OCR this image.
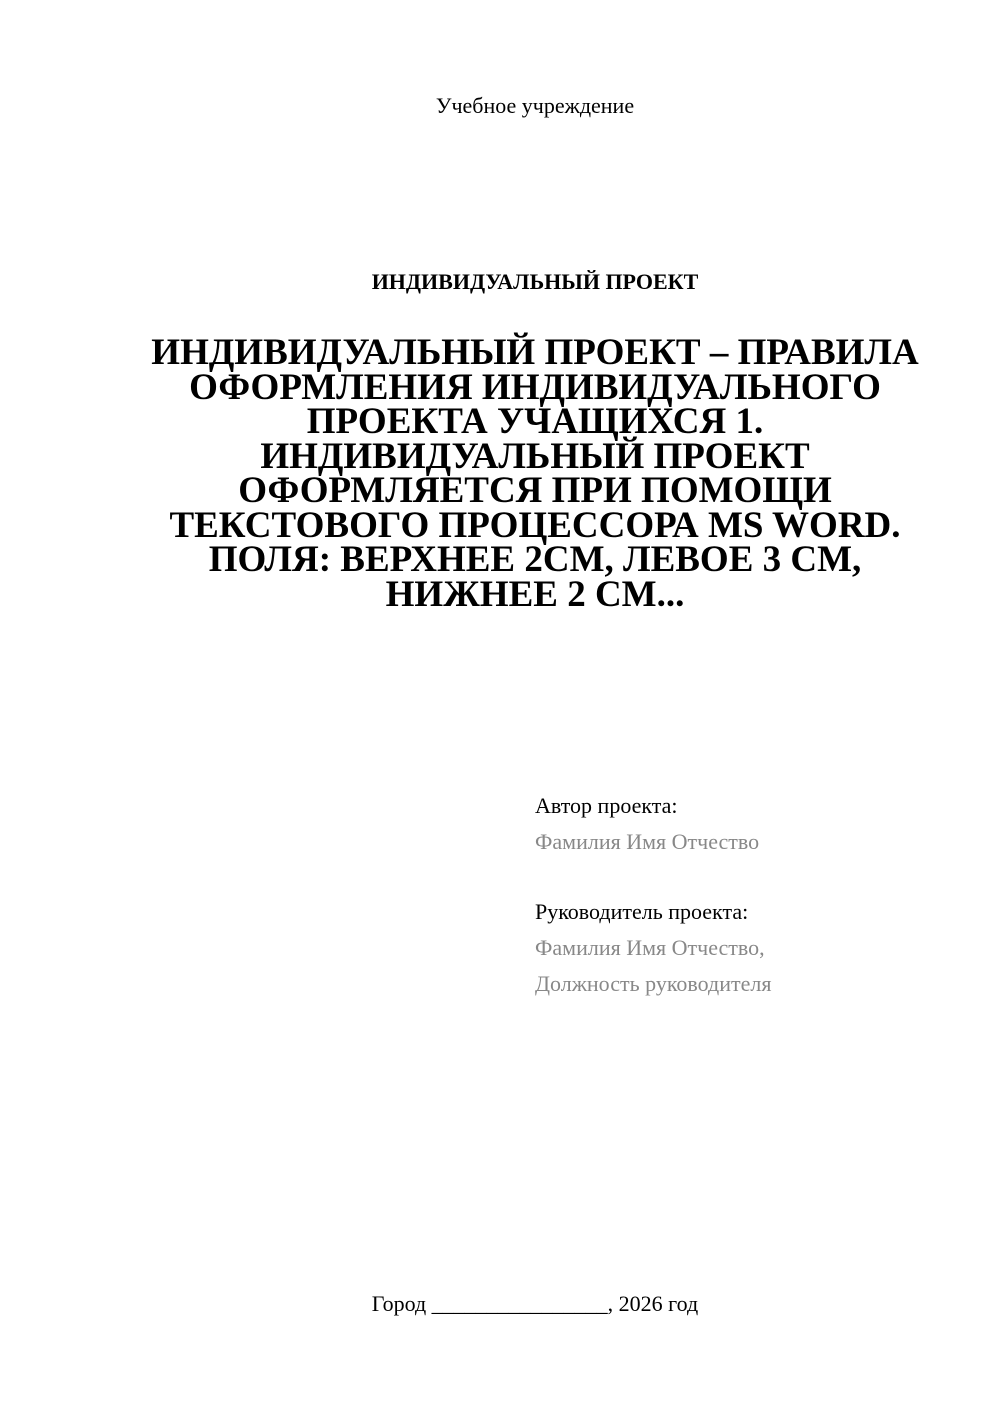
Учебное учреждение
ИНДИВИДУАЛЬНЫЙ ПРОЕКТ
ИНДИВИДУАЛЬНЫЙ ПРОЕКТ – ПРАВИЛА ОФОРМЛЕНИЯ ИНДИВИДУАЛЬНОГО ПРОЕКТА УЧАЩИХСЯ 1. ИНДИВИДУАЛЬНЫЙ ПРОЕКТ ОФОРМЛЯЕТСЯ ПРИ ПОМОЩИ ТЕКСТОВОГО ПРОЦЕССОРА MS WORD. ПОЛЯ: ВЕРХНЕЕ 2СМ, ЛЕВОЕ 3 СМ, НИЖНЕЕ 2 СМ...
Автор проекта:
Фамилия Имя Отчество
Руководитель проекта:
Фамилия Имя Отчество,
Должность руководителя
Город ________________, 2026 год
